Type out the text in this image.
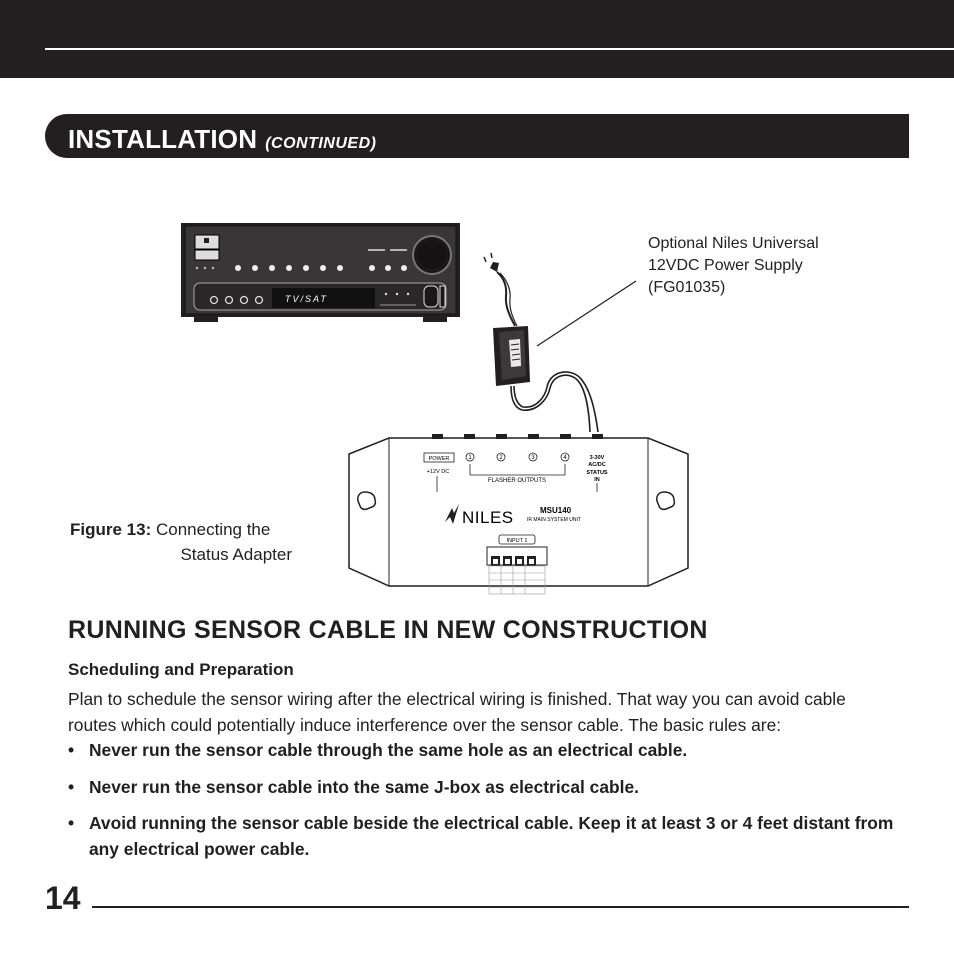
INSTALLATION (CONTINUED)
TV/SAT
POWER
+12V DC
1	2	3	4
FLASHER OUTPUTS
3-30V
AC/DC
STATUS
IN
NILES	MSU140
IR MAIN SYSTEM UNIT
INPUT 1
Optional Niles Universal
12VDC Power Supply
(FG01035)
Figure 13: Connecting the
Status Adapter
RUNNING SENSOR CABLE IN NEW CONSTRUCTION
Scheduling and Preparation
Plan to schedule the sensor wiring after the electrical wiring is finished. That way you can avoid cable routes which could potentially induce interference over the sensor cable. The basic rules are:
• Never run the sensor cable through the same hole as an electrical cable.
• Never run the sensor cable into the same J-box as electrical cable.
• Avoid running the sensor cable beside the electrical cable. Keep it at least 3 or 4 feet distant from any electrical power cable.
14
